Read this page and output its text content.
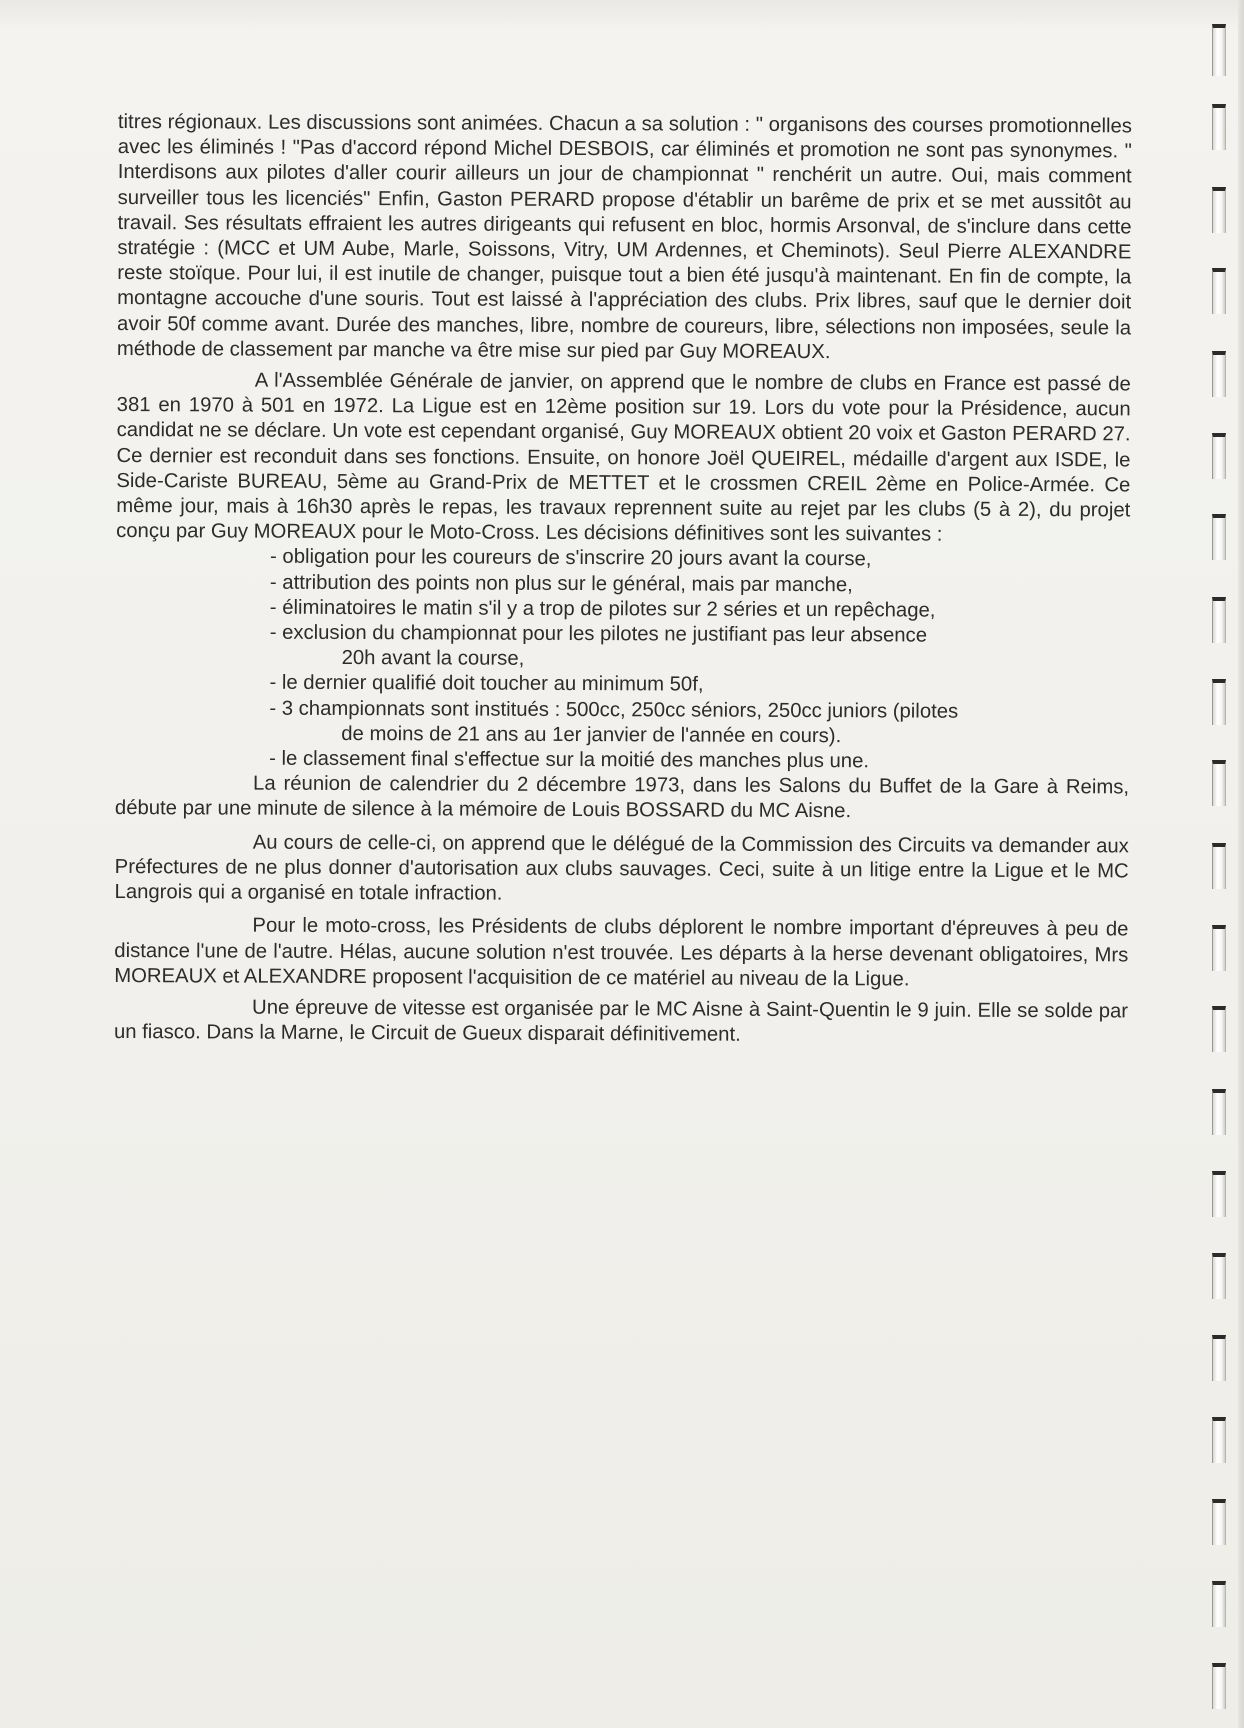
titres régionaux. Les discussions sont animées. Chacun a sa solution : " organisons des courses promotionnelles avec les éliminés ! "Pas d'accord répond Michel DESBOIS, car éliminés et promotion ne sont pas synonymes. " Interdisons aux pilotes d'aller courir ailleurs un jour de championnat " renchérit un autre. Oui, mais comment surveiller tous les licenciés" Enfin, Gaston PERARD propose d'établir un barême de prix et se met aussitôt au travail. Ses résultats effraient les autres dirigeants qui refusent en bloc, hormis Arsonval, de s'inclure dans cette stratégie : (MCC et UM Aube, Marle, Soissons, Vitry, UM Ardennes, et Cheminots). Seul Pierre ALEXANDRE reste stoïque. Pour lui, il est inutile de changer, puisque tout a bien été jusqu'à maintenant. En fin de compte, la montagne accouche d'une souris. Tout est laissé à l'appréciation des clubs. Prix libres, sauf que le dernier doit avoir 50f comme avant. Durée des manches, libre, nombre de coureurs, libre, sélections non imposées, seule la méthode de classement par manche va être mise sur pied par Guy MOREAUX.

A l'Assemblée Générale de janvier, on apprend que le nombre de clubs en France est passé de 381 en 1970 à 501 en 1972. La Ligue est en 12ème position sur 19. Lors du vote pour la Présidence, aucun candidat ne se déclare. Un vote est cependant organisé, Guy MOREAUX obtient 20 voix et Gaston PERARD 27. Ce dernier est reconduit dans ses fonctions. Ensuite, on honore Joël QUEIREL, médaille d'argent aux ISDE, le Side-Cariste BUREAU, 5ème au Grand-Prix de METTET et le crossmen CREIL 2ème en Police-Armée. Ce même jour, mais à 16h30 après le repas, les travaux reprennent suite au rejet par les clubs (5 à 2), du projet conçu par Guy MOREAUX pour le Moto-Cross. Les décisions définitives sont les suivantes :

- obligation pour les coureurs de s'inscrire 20 jours avant la course,
- attribution des points non plus sur le général, mais par manche,
- éliminatoires le matin s'il y a trop de pilotes sur 2 séries et un repêchage,
- exclusion du championnat pour les pilotes ne justifiant pas leur absence
20h avant la course,
- le dernier qualifié doit toucher au minimum 50f,
- 3 championnats sont institués : 500cc, 250cc séniors, 250cc juniors (pilotes
de moins de 21 ans au 1er janvier de l'année en cours).
- le classement final s'effectue sur la moitié des manches plus une.

La réunion de calendrier du 2 décembre 1973, dans les Salons du Buffet de la Gare à Reims, débute par une minute de silence à la mémoire de Louis BOSSARD du MC Aisne.

Au cours de celle-ci, on apprend que le délégué de la Commission des Circuits va demander aux Préfectures de ne plus donner d'autorisation aux clubs sauvages. Ceci, suite à un litige entre la Ligue et le MC Langrois qui a organisé en totale infraction.

Pour le moto-cross, les Présidents de clubs déplorent le nombre important d'épreuves à peu de distance l'une de l'autre. Hélas, aucune solution n'est trouvée. Les départs à la herse devenant obligatoires, Mrs MOREAUX et ALEXANDRE proposent l'acquisition de ce matériel au niveau de la Ligue.

Une épreuve de vitesse est organisée par le MC Aisne à Saint-Quentin le 9 juin. Elle se solde par un fiasco. Dans la Marne, le Circuit de Gueux disparait définitivement.
